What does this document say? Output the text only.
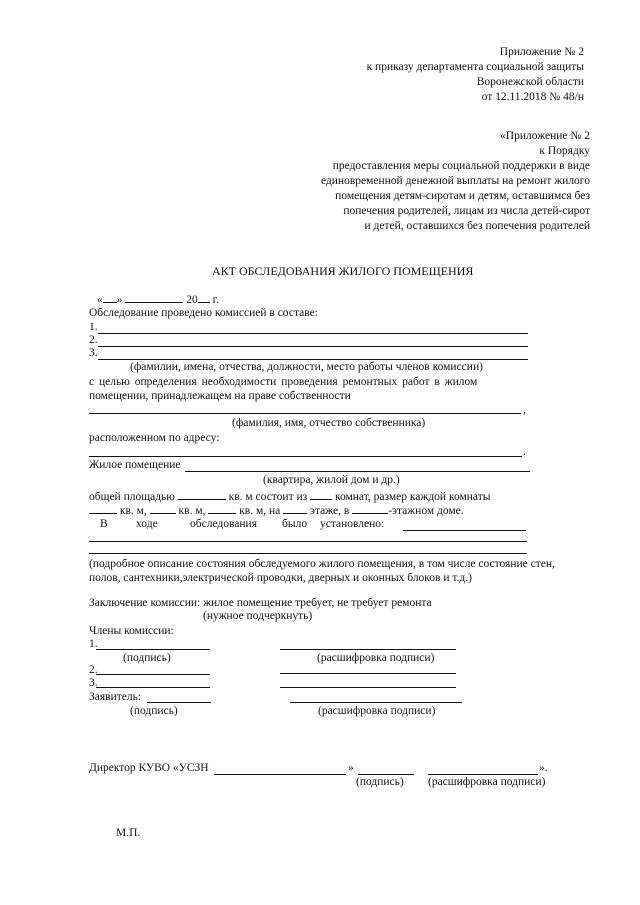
Приложение № 2
к приказу департамента социальной защиты
Воронежской области
от 12.11.2018 № 48/н
«Приложение № 2
к Порядку
предоставления меры социальной поддержки в виде
единовременной денежной выплаты на ремонт жилого
помещения детям-сиротам и детям, оставшимся без
попечения родителей, лицам из числа детей-сирот
и детей, оставшихся без попечения родителей
АКТ ОБСЛЕДОВАНИЯ ЖИЛОГО ПОМЕЩЕНИЯ
« »	20 г.
Обследование проведено комиссией в составе:
1.
2.
3.
(фамилии, имена, отчества, должности, место работы членов комиссии)
с целью определения необходимости проведения ремонтных работ в жилом
помещении, принадлежащем на праве собственности
,
(фамилия, имя, отчество собственника)
расположенном по адресу:
.
Жилое помещение
(квартира, жилой дом и др.)
общей площадью	кв. м состоит из комнат, размер каждой комнаты
кв. м,	кв. м,	кв. м, на	этаже, в	-этажном доме.
В ходе	обследования было установлено:
(подробное описание состояния обследуемого жилого помещения, в том числе состояние стен,
полов, сантехники,электрической проводки, дверных и оконных блоков и т.д.)
Заключение комиссии: жилое помещение требует, не требует ремонта
(нужное подчеркнуть)
Члены комиссии:
1.
(подпись)	(расшифровка подписи)
2.
3.
Заявитель:
(подпись)	(расшифровка подписи)
Директор КУВО «УСЗН	»	».
(подпись) (расшифровка подписи)
М.П.
